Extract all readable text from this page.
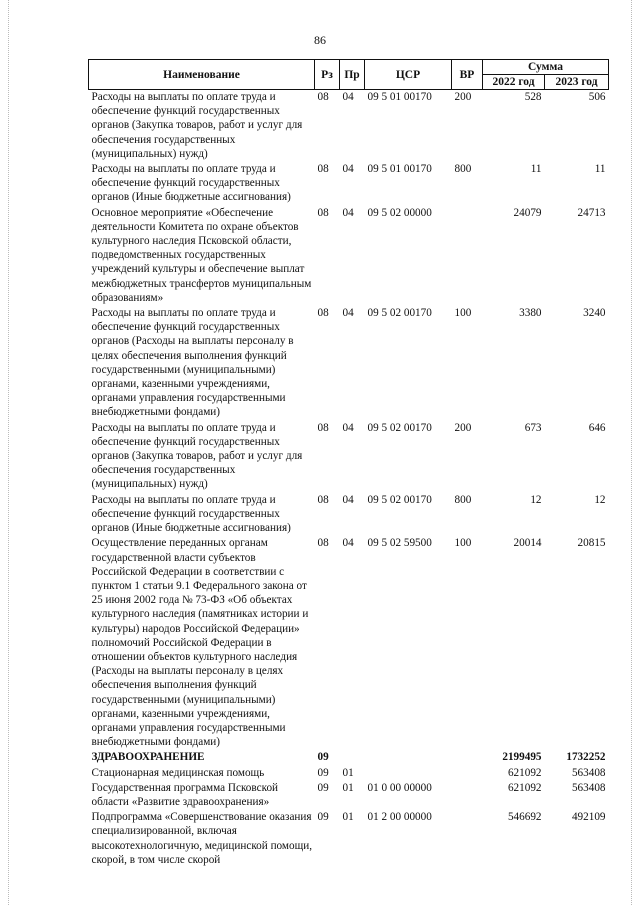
86
Наименование	Рз	Пр	ЦСР	ВР	Сумма	
					2022 год	2023 год
Расходы на выплаты по оплате труда и обеспечение функций государственных органов (Закупка товаров, работ и услуг для обеспечения государственных (муниципальных) нужд)	08	04	09 5 01 00170	200	528	506
Расходы на выплаты по оплате труда и обеспечение функций государственных органов (Иные бюджетные ассигнования)	08	04	09 5 01 00170	800	11	11
Основное мероприятие «Обеспечение деятельности Комитета по охране объектов культурного наследия Псковской области, подведомственных государственных учреждений культуры и обеспечение выплат межбюджетных трансфертов муниципальным образованиям»	08	04	09 5 02 00000		24079	24713
Расходы на выплаты по оплате труда и обеспечение функций государственных органов (Расходы на выплаты персоналу в целях обеспечения выполнения функций государственными (муниципальными) органами, казенными учреждениями, органами управления государственными внебюджетными фондами)	08	04	09 5 02 00170	100	3380	3240
Расходы на выплаты по оплате труда и обеспечение функций государственных органов (Закупка товаров, работ и услуг для обеспечения государственных (муниципальных) нужд)	08	04	09 5 02 00170	200	673	646
Расходы на выплаты по оплате труда и обеспечение функций государственных органов (Иные бюджетные ассигнования)	08	04	09 5 02 00170	800	12	12
Осуществление переданных органам государственной власти субъектов Российской Федерации в соответствии с пунктом 1 статьи 9.1 Федерального закона от 25 июня 2002 года № 73-ФЗ «Об объектах культурного наследия (памятниках истории и культуры) народов Российской Федерации» полномочий Российской Федерации в отношении объектов культурного наследия (Расходы на выплаты персоналу в целях обеспечения выполнения функций государственными (муниципальными) органами, казенными учреждениями, органами управления государственными внебюджетными фондами)	08	04	09 5 02 59500	100	20014	20815
ЗДРАВООХРАНЕНИЕ	09				2199495	1732252
Стационарная медицинская помощь	09	01			621092	563408
Государственная программа Псковской области «Развитие здравоохранения»	09	01	01 0 00 00000		621092	563408
Подпрограмма «Совершенствование оказания специализированной, включая высокотехнологичную, медицинской помощи, скорой, в том числе скорой	09	01	01 2 00 00000		546692	492109
